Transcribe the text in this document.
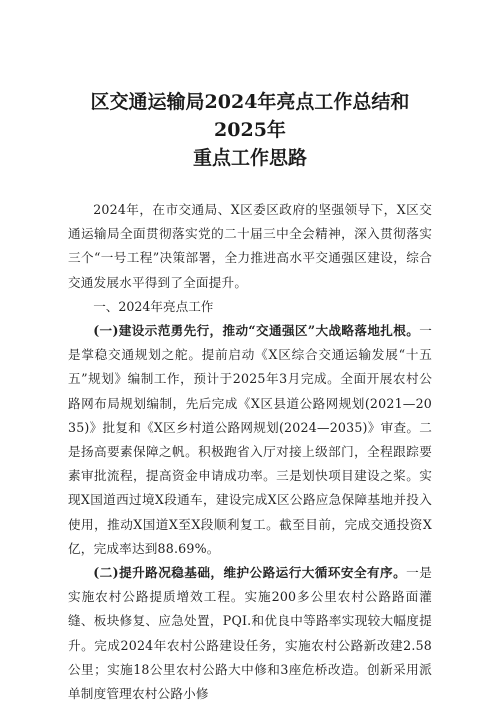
区交通运输局2024年亮点工作总结和2025年
重点工作思路

2024年，在市交通局、X区委区政府的坚强领导下，X区交通运输局全面贯彻落实党的二十届三中全会精神，深入贯彻落实三个“一号工程”决策部署，全力推进高水平交通强区建设，综合交通发展水平得到了全面提升。

一、2024年亮点工作

(一)建设示范勇先行，推动“交通强区”大战略落地扎根。一是掌稳交通规划之舵。提前启动《X区综合交通运输发展“十五五”规划》编制工作，预计于2025年3月完成。全面开展农村公路网布局规划编制，先后完成《X区县道公路网规划(2021—2035)》批复和《X区乡村道公路网规划(2024—2035)》审查。二是扬高要素保障之帆。积极跑省入厅对接上级部门，全程跟踪要素审批流程，提高资金申请成功率。三是划快项目建设之桨。实现X国道西过境X段通车，建设完成X区公路应急保障基地并投入使用，推动X国道X至X段顺利复工。截至目前，完成交通投资X亿，完成率达到88.69%。

(二)提升路况稳基础，维护公路运行大循环安全有序。一是实施农村公路提质增效工程。实施200多公里农村公路路面灌缝、板块修复、应急处置，PQI.和优良中等路率实现较大幅度提升。完成2024年农村公路建设任务，实施农村公路新改建2.58公里；实施18公里农村公路大中修和3座危桥改造。创新采用派单制度管理农村公路小修
